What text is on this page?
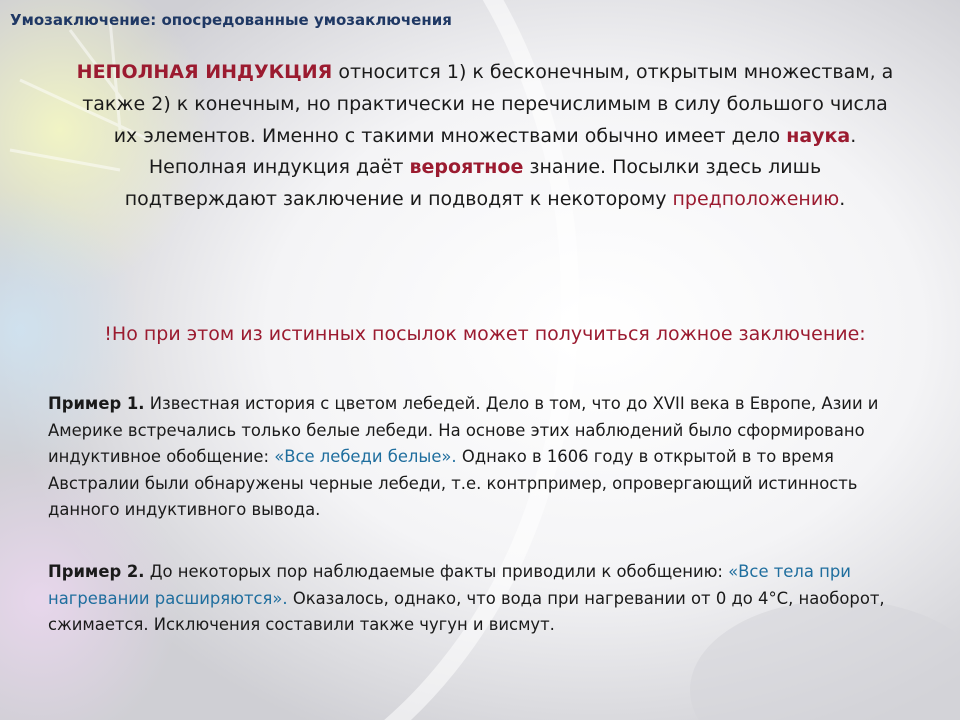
Умозаключение: опосредованные умозаключения
НЕПОЛНАЯ ИНДУКЦИЯ относится 1) к бесконечным, открытым множествам, а также 2) к конечным, но практически не перечислимым в силу большого числа их элементов. Именно с такими множествами обычно имеет дело наука. Неполная индукция даёт вероятное знание. Посылки здесь лишь подтверждают заключение и подводят к некоторому предположению.
!Но при этом из истинных посылок может получиться ложное заключение:
Пример 1. Известная история с цветом лебедей. Дело в том, что до XVII века в Европе, Азии и Америке встречались только белые лебеди. На основе этих наблюдений было сформировано индуктивное обобщение: «Все лебеди белые». Однако в 1606 году в открытой в то время Австралии были обнаружены черные лебеди, т.е. контрпример, опровергающий истинность данного индуктивного вывода.
Пример 2. До некоторых пор наблюдаемые факты приводили к обобщению: «Все тела при нагревании расширяются». Оказалось, однако, что вода при нагревании от 0 до 4°C, наоборот, сжимается. Исключения составили также чугун и висмут.
